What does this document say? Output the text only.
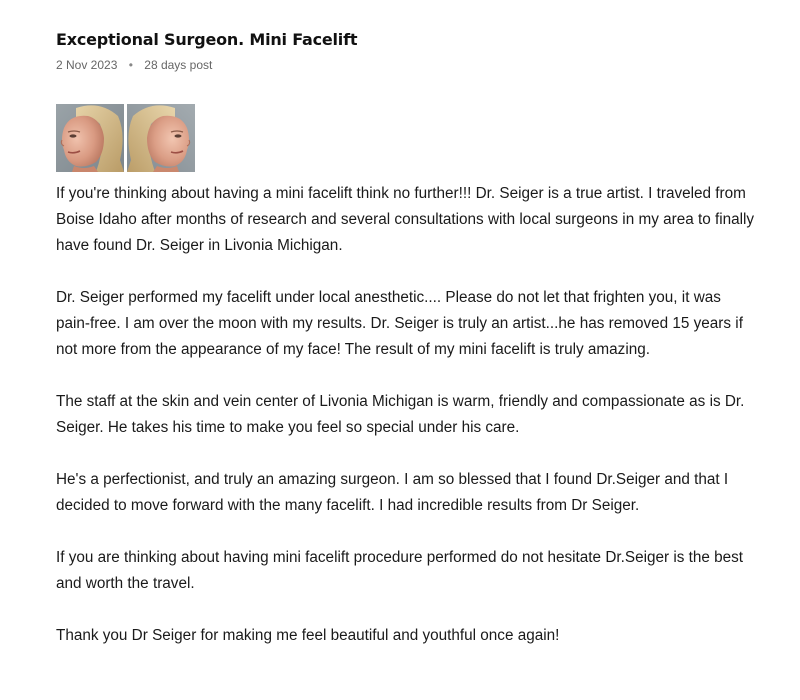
Exceptional Surgeon. Mini Facelift
2 Nov 2023 • 28 days post

If you're thinking about having a mini facelift think no further!!! Dr. Seiger is a true artist. I traveled from Boise Idaho after months of research and several consultations with local surgeons in my area to finally have found Dr. Seiger in Livonia Michigan.

Dr. Seiger performed my facelift under local anesthetic.... Please do not let that frighten you, it was pain-free. I am over the moon with my results. Dr. Seiger is truly an artist...he has removed 15 years if not more from the appearance of my face! The result of my mini facelift is truly amazing.

The staff at the skin and vein center of Livonia Michigan is warm, friendly and compassionate as is Dr. Seiger. He takes his time to make you feel so special under his care.

He's a perfectionist, and truly an amazing surgeon. I am so blessed that I found Dr.Seiger and that I decided to move forward with the many facelift. I had incredible results from Dr Seiger.

If you are thinking about having mini facelift procedure performed do not hesitate Dr.Seiger is the best and worth the travel.

Thank you Dr Seiger for making me feel beautiful and youthful once again!
